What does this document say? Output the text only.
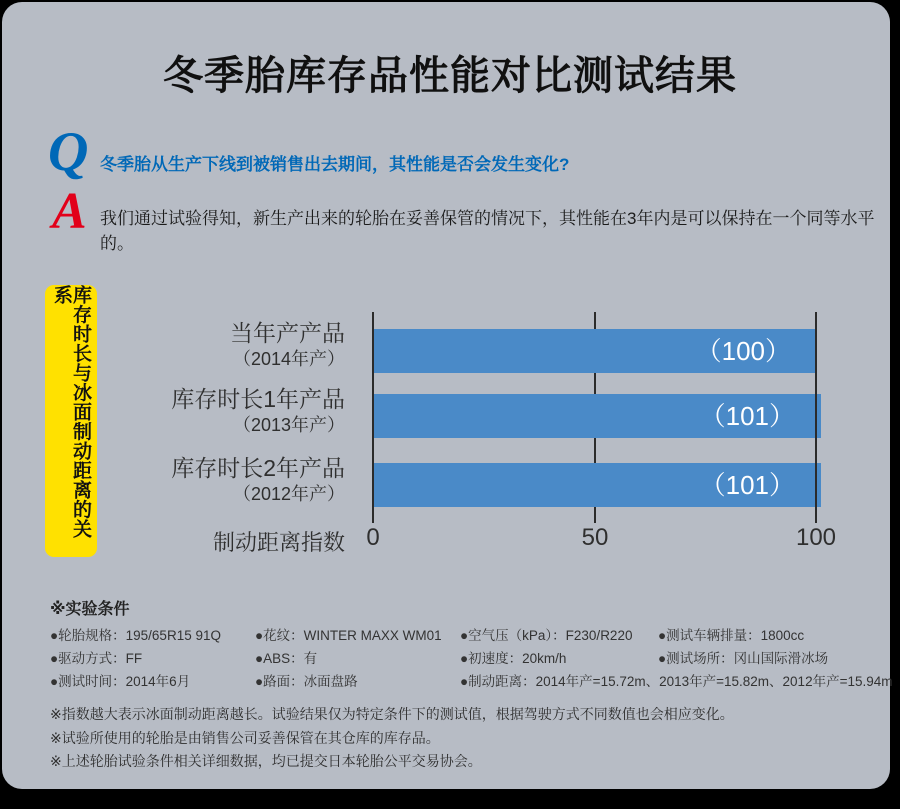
冬季胎库存品性能对比测试结果
Q 冬季胎从生产下线到被销售出去期间，其性能是否会发生变化?
A 我们通过试验得知，新生产出来的轮胎在妥善保管的情况下，其性能在3年内是可以保持在一个同等水平的。
库存时长与冰面制动距离的关系
制动距离指数
（100）
当年产产品
（2014年产）
（101）
库存时长1年产品
（2013年产）
（101）
库存时长2年产品
（2012年产）
0	50	100
※实验条件
●轮胎规格：195/65R15 91Q
●驱动方式：FF
●测试时间：2014年6月
●花纹：WINTER MAXX WM01
●ABS：有
●路面：冰面盘路
●空气压（kPa）：F230/R220
●初速度：20km/h
●制动距离：2014年产=15.72m、2013年产=15.82m、2012年产=15.94m
●测试车辆排量：1800cc
●测试场所：冈山国际滑冰场
※指数越大表示冰面制动距离越长。试验结果仅为特定条件下的测试值，根据驾驶方式不同数值也会相应变化。
※试验所使用的轮胎是由销售公司妥善保管在其仓库的库存品。
※上述轮胎试验条件相关详细数据，均已提交日本轮胎公平交易协会。
